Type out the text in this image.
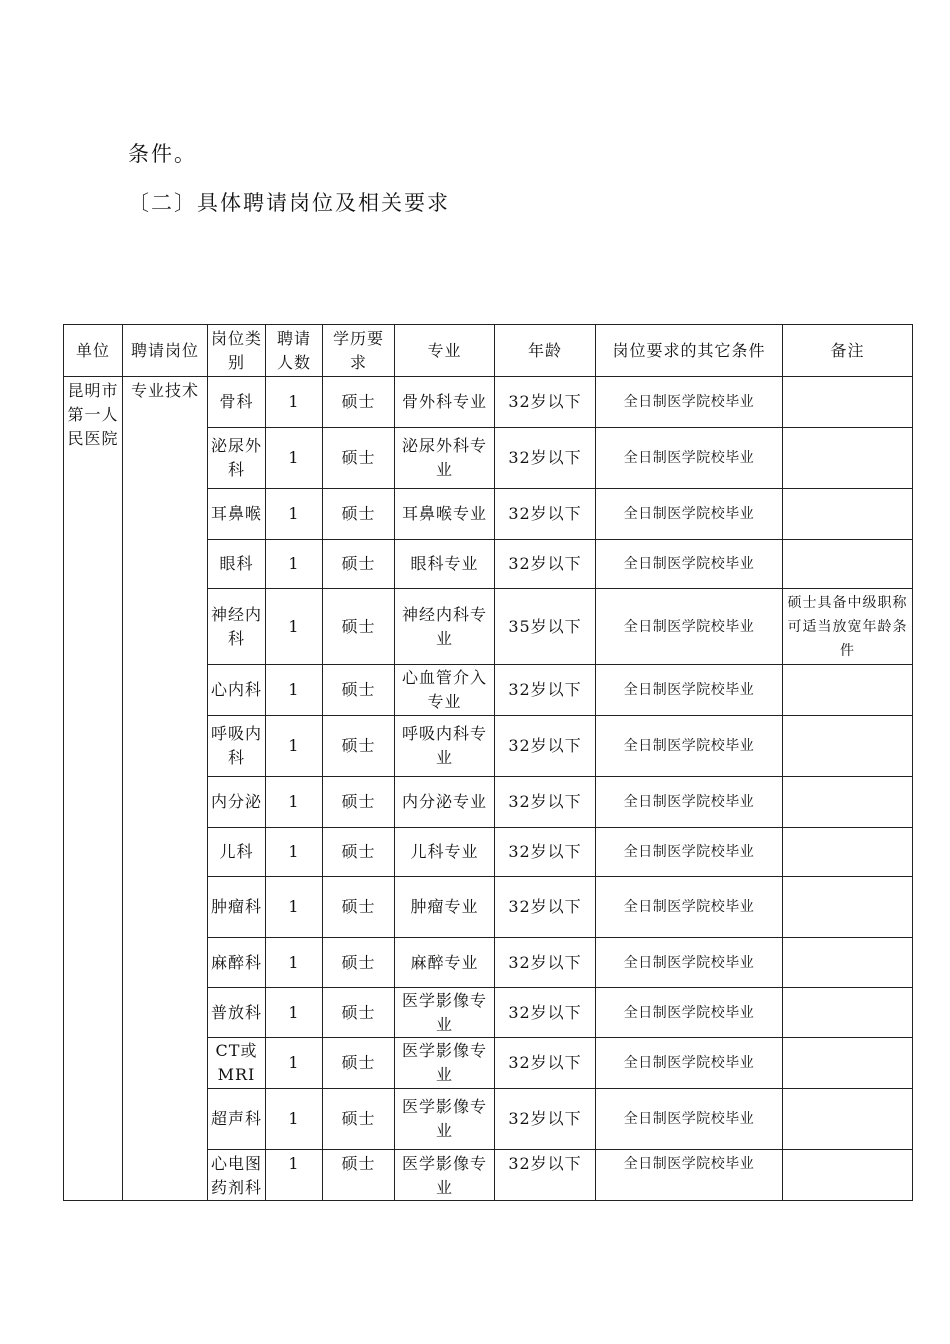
条件。
〔二〕具体聘请岗位及相关要求
单位	聘请岗位	岗位类别	聘请人数	学历要求	专业	年龄	岗位要求的其它条件	备注
昆明市第一人民医院	专业技术	骨科	1	硕士	骨外科专业	32岁以下	全日制医学院校毕业	
		泌尿外科	1	硕士	泌尿外科专业	32岁以下	全日制医学院校毕业	
		耳鼻喉	1	硕士	耳鼻喉专业	32岁以下	全日制医学院校毕业	
		眼科	1	硕士	眼科专业	32岁以下	全日制医学院校毕业	
		神经内科	1	硕士	神经内科专业	35岁以下	全日制医学院校毕业	硕士具备中级职称可适当放宽年龄条件
		心内科	1	硕士	心血管介入专业	32岁以下	全日制医学院校毕业	
		呼吸内科	1	硕士	呼吸内科专业	32岁以下	全日制医学院校毕业	
		内分泌	1	硕士	内分泌专业	32岁以下	全日制医学院校毕业	
		儿科	1	硕士	儿科专业	32岁以下	全日制医学院校毕业	
		肿瘤科	1	硕士	肿瘤专业	32岁以下	全日制医学院校毕业	
		麻醉科	1	硕士	麻醉专业	32岁以下	全日制医学院校毕业	
		普放科	1	硕士	医学影像专业	32岁以下	全日制医学院校毕业	
		CT或MRI	1	硕士	医学影像专业	32岁以下	全日制医学院校毕业	
		超声科	1	硕士	医学影像专业	32岁以下	全日制医学院校毕业	
		心电图药剂科	1	硕士	医学影像专业	32岁以下	全日制医学院校毕业	
